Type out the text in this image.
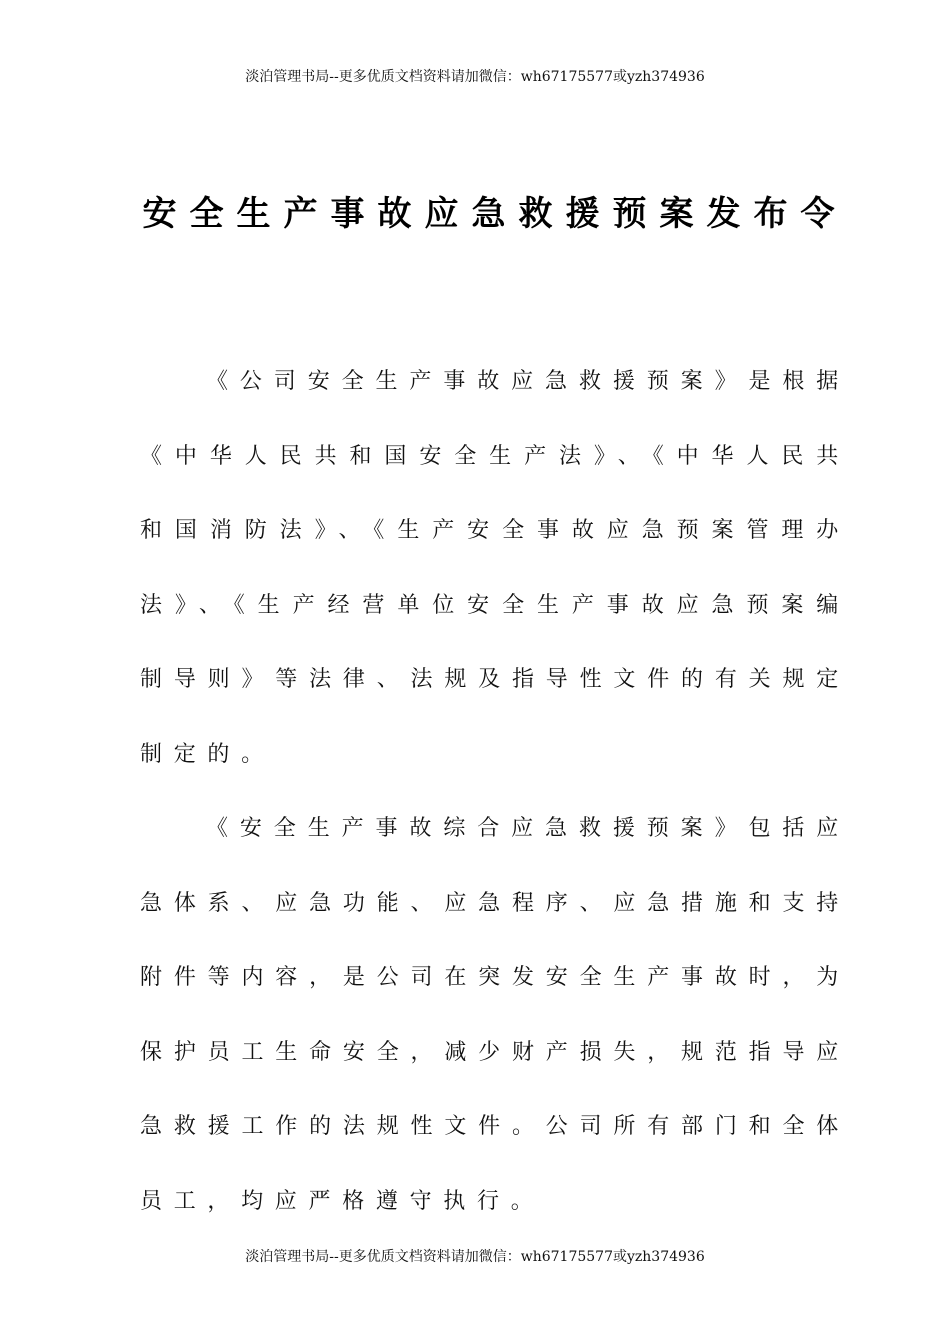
淡泊管理书局--更多优质文档资料请加微信：wh67175577或yzh374936
安全生产事故应急救援预案发布令

《公司安全生产事故应急救援预案》是根据《中华人民共和国安全生产法》、《中华人民共和国消防法》、《生产安全事故应急预案管理办法》、《生产经营单位安全生产事故应急预案编制导则》等法律、法规及指导性文件的有关规定制定的。

《安全生产事故综合应急救援预案》包括应急体系、应急功能、应急程序、应急措施和支持附件等内容，是公司在突发安全生产事故时，为保护员工生命安全，减少财产损失，规范指导应急救援工作的法规性文件。公司所有部门和全体员工，均应严格遵守执行。

淡泊管理书局--更多优质文档资料请加微信：wh67175577或yzh374936
